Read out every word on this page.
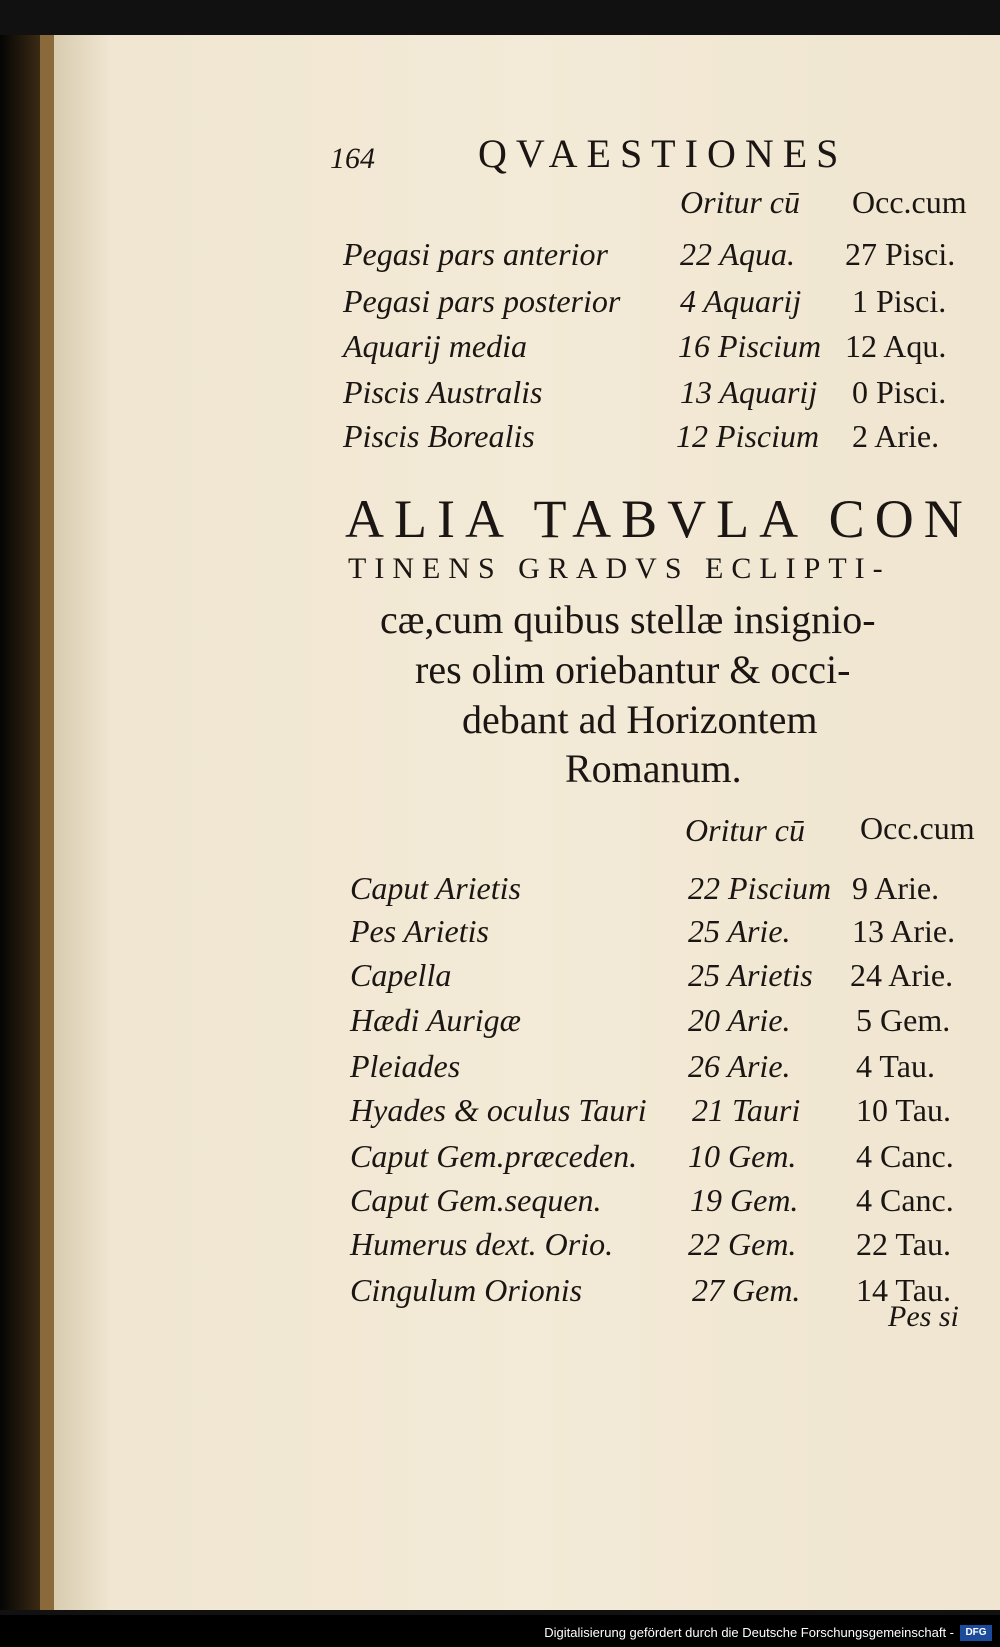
164	QVAESTIONES
Oritur cū Occ.cum
Pegasi pars anterior 22 Aqua. 27 Pisci.
Pegasi pars posterior 4 Aquarij 1 Pisci.
Aquarij media	16 Piscium 12 Aqu.
Piscis Australis	13 Aquarij 0 Pisci.
Piscis Borealis	12 Piscium 2 Arie.
ALIA TABVLA CON
TINENS GRADVS ECLIPTI-
cæ,cum quibus stellæ insignio-
res olim oriebantur & occi-
debant ad Horizontem
Romanum.
Oritur cū Occ.cum
Caput Arietis	22 Piscium 9 Arie.
Pes Arietis	25 Arie. 13 Arie.
Capella	25 Arietis 24 Arie.
Hædi Aurigæ	20 Arie. 5 Gem.
Pleiades	26 Arie. 4 Tau.
Hyades & oculus Tauri 21 Tauri 10 Tau.
Caput Gem.præceden. 10 Gem. 4 Canc.
Caput Gem.sequen.	19 Gem. 4 Canc.
Humerus dext. Orio. 22 Gem. 22 Tau.
Cingulum Orionis	27 Gem. 14 Tau.
Pes si
Digitalisierung gefördert durch die Deutsche Forschungsgemeinschaft -	DFG
